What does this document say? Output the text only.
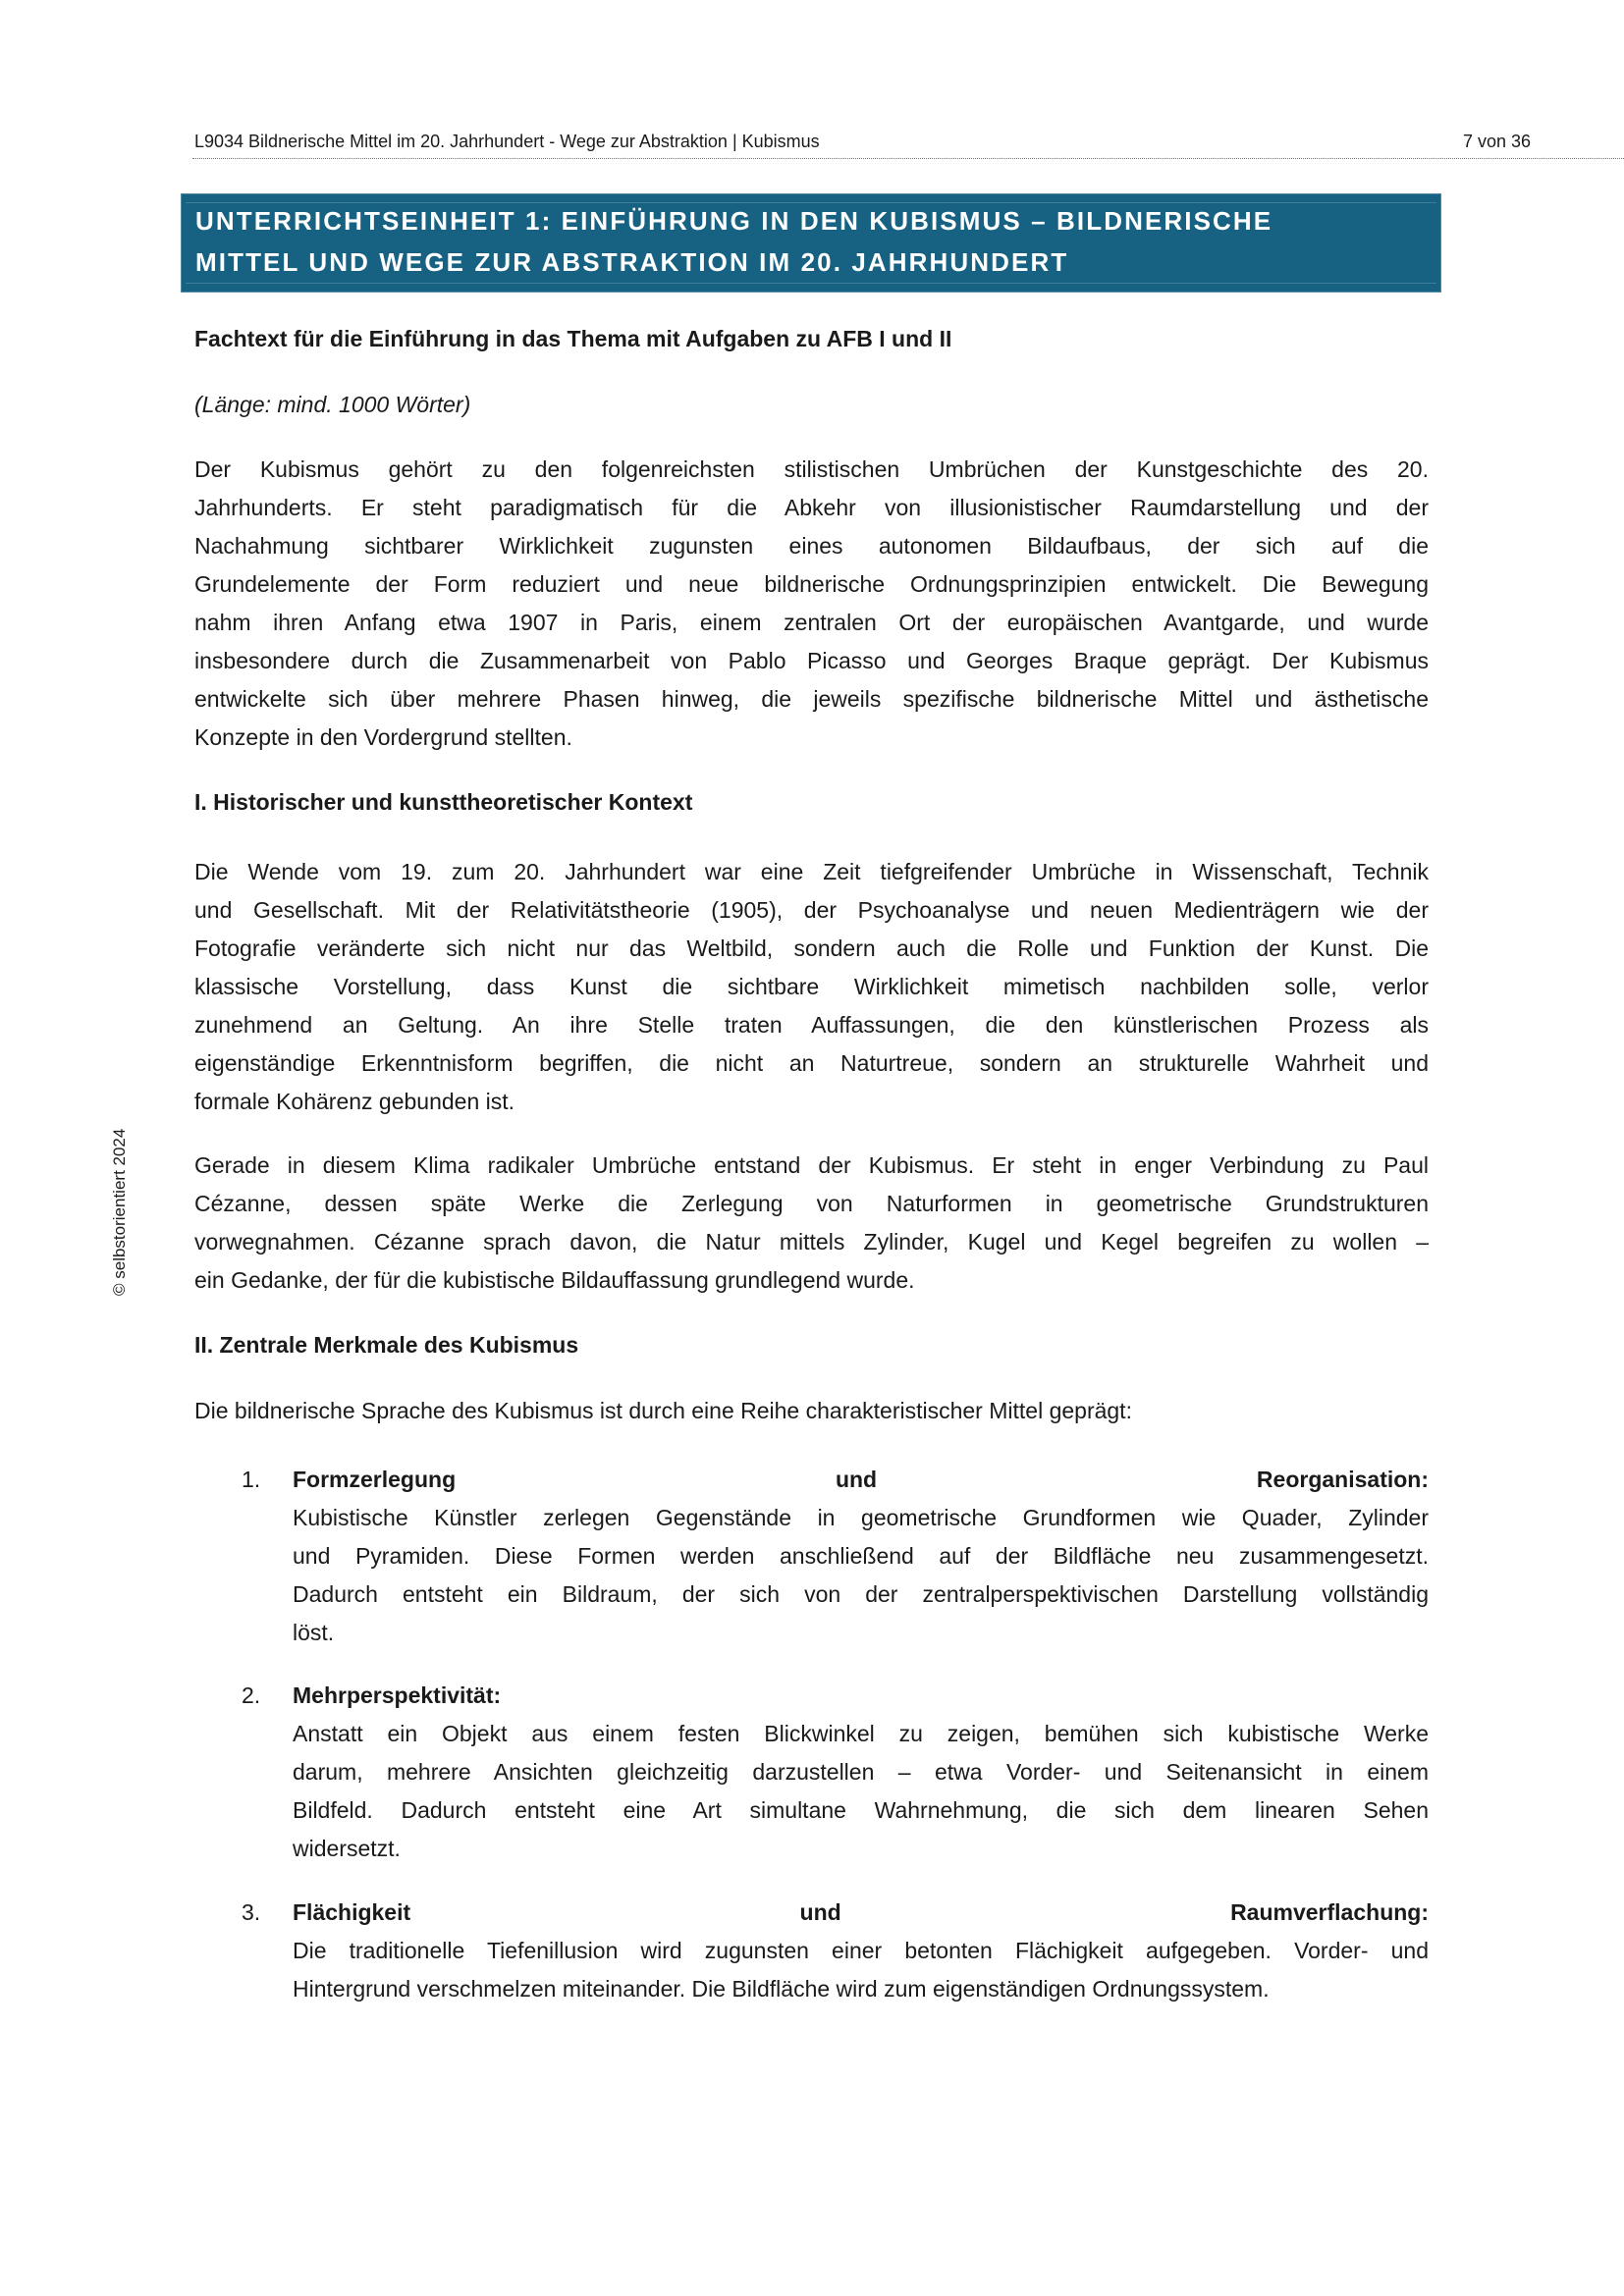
L9034 Bildnerische Mittel im 20. Jahrhundert - Wege zur Abstraktion | Kubismus	7 von 36
UNTERRICHTSEINHEIT 1: EINFÜHRUNG IN DEN KUBISMUS – BILDNERISCHE
MITTEL UND WEGE ZUR ABSTRAKTION IM 20. JAHRHUNDERT
Fachtext für die Einführung in das Thema mit Aufgaben zu AFB I und II
(Länge: mind. 1000 Wörter)
Der Kubismus gehört zu den folgenreichsten stilistischen Umbrüchen der Kunstgeschichte des 20.
Jahrhunderts. Er steht paradigmatisch für die Abkehr von illusionistischer Raumdarstellung und der
Nachahmung sichtbarer Wirklichkeit zugunsten eines autonomen Bildaufbaus, der sich auf die
Grundelemente der Form reduziert und neue bildnerische Ordnungsprinzipien entwickelt. Die Bewegung
nahm ihren Anfang etwa 1907 in Paris, einem zentralen Ort der europäischen Avantgarde, und wurde
insbesondere durch die Zusammenarbeit von Pablo Picasso und Georges Braque geprägt. Der Kubismus
entwickelte sich über mehrere Phasen hinweg, die jeweils spezifische bildnerische Mittel und ästhetische
Konzepte in den Vordergrund stellten.
I. Historischer und kunsttheoretischer Kontext
Die Wende vom 19. zum 20. Jahrhundert war eine Zeit tiefgreifender Umbrüche in Wissenschaft, Technik
und Gesellschaft. Mit der Relativitätstheorie (1905), der Psychoanalyse und neuen Medienträgern wie der
Fotografie veränderte sich nicht nur das Weltbild, sondern auch die Rolle und Funktion der Kunst. Die
klassische Vorstellung, dass Kunst die sichtbare Wirklichkeit mimetisch nachbilden solle, verlor
zunehmend an Geltung. An ihre Stelle traten Auffassungen, die den künstlerischen Prozess als
eigenständige Erkenntnisform begriffen, die nicht an Naturtreue, sondern an strukturelle Wahrheit und
formale Kohärenz gebunden ist.
Gerade in diesem Klima radikaler Umbrüche entstand der Kubismus. Er steht in enger Verbindung zu Paul
Cézanne, dessen späte Werke die Zerlegung von Naturformen in geometrische Grundstrukturen
vorwegnahmen. Cézanne sprach davon, die Natur mittels Zylinder, Kugel und Kegel begreifen zu wollen –
ein Gedanke, der für die kubistische Bildauffassung grundlegend wurde.
II. Zentrale Merkmale des Kubismus
Die bildnerische Sprache des Kubismus ist durch eine Reihe charakteristischer Mittel geprägt:
1. Formzerlegung und Reorganisation:
Kubistische Künstler zerlegen Gegenstände in geometrische Grundformen wie Quader, Zylinder
und Pyramiden. Diese Formen werden anschließend auf der Bildfläche neu zusammengesetzt.
Dadurch entsteht ein Bildraum, der sich von der zentralperspektivischen Darstellung vollständig
löst.
2. Mehrperspektivität:
Anstatt ein Objekt aus einem festen Blickwinkel zu zeigen, bemühen sich kubistische Werke
darum, mehrere Ansichten gleichzeitig darzustellen – etwa Vorder- und Seitenansicht in einem
Bildfeld. Dadurch entsteht eine Art simultane Wahrnehmung, die sich dem linearen Sehen
widersetzt.
3. Flächigkeit und Raumverflachung:
Die traditionelle Tiefenillusion wird zugunsten einer betonten Flächigkeit aufgegeben. Vorder- und
Hintergrund verschmelzen miteinander. Die Bildfläche wird zum eigenständigen Ordnungssystem.
© selbstorientiert 2024
